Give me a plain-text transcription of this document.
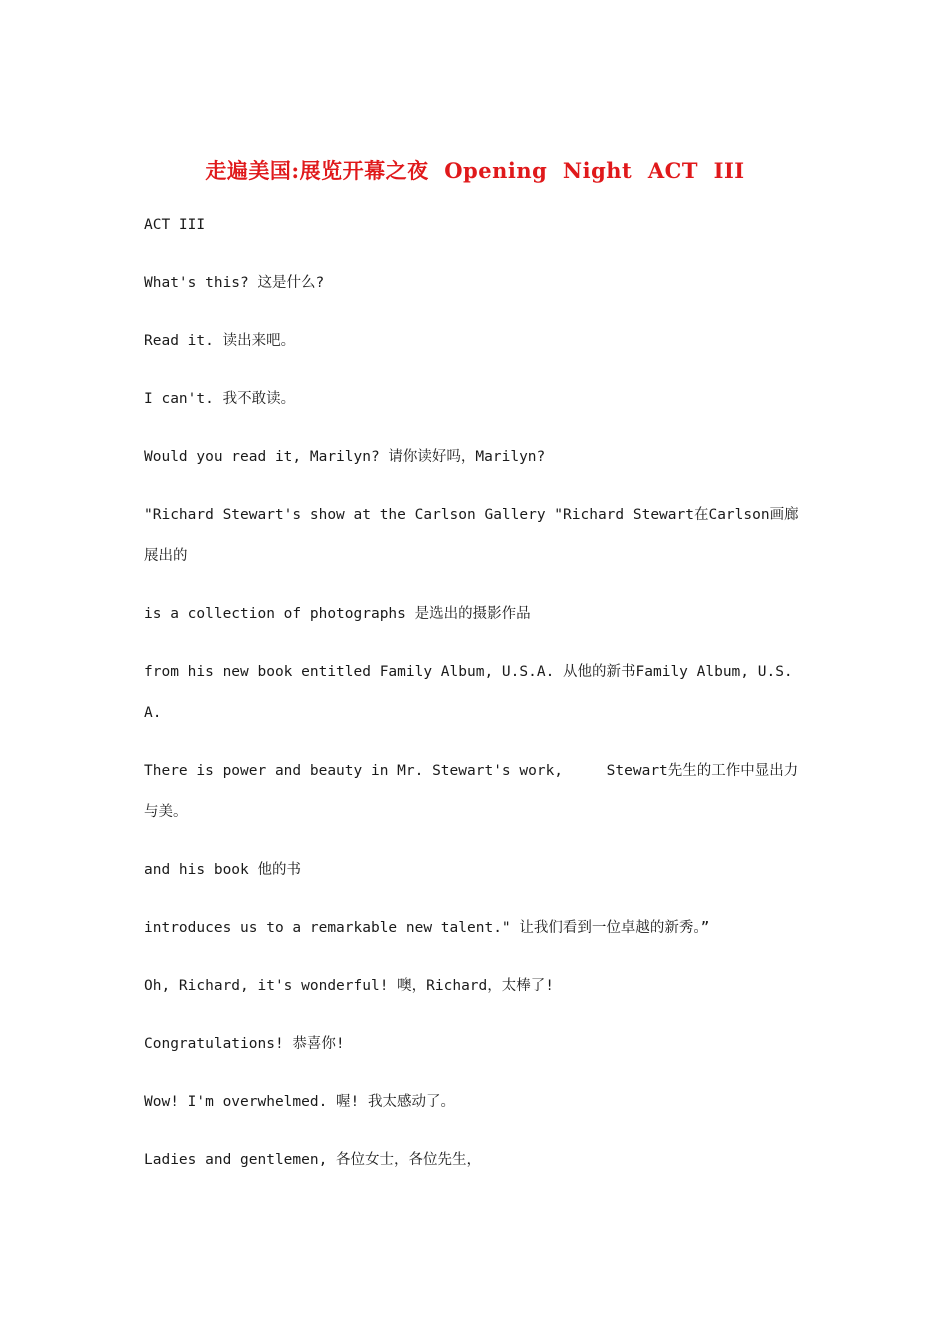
走遍美国:展览开幕之夜  Opening  Night  ACT  III

ACT III

What's this? 这是什么?

Read it. 读出来吧。

I can't. 我不敢读。

Would you read it, Marilyn? 请你读好吗，Marilyn?

"Richard Stewart's show at the Carlson Gallery "Richard Stewart在Carlson画廊展出的

is a collection of photographs 是选出的摄影作品

from his new book entitled Family Album, U.S.A. 从他的新书Family Album, U.S.A.

There is power and beauty in Mr. Stewart's work,     Stewart先生的工作中显出力与美。

and his book 他的书

introduces us to a remarkable new talent." 让我们看到一位卓越的新秀。”

Oh, Richard, it's wonderful! 噢，Richard，太棒了!

Congratulations! 恭喜你!

Wow! I'm overwhelmed. 喔! 我太感动了。

Ladies and gentlemen, 各位女士，各位先生，
